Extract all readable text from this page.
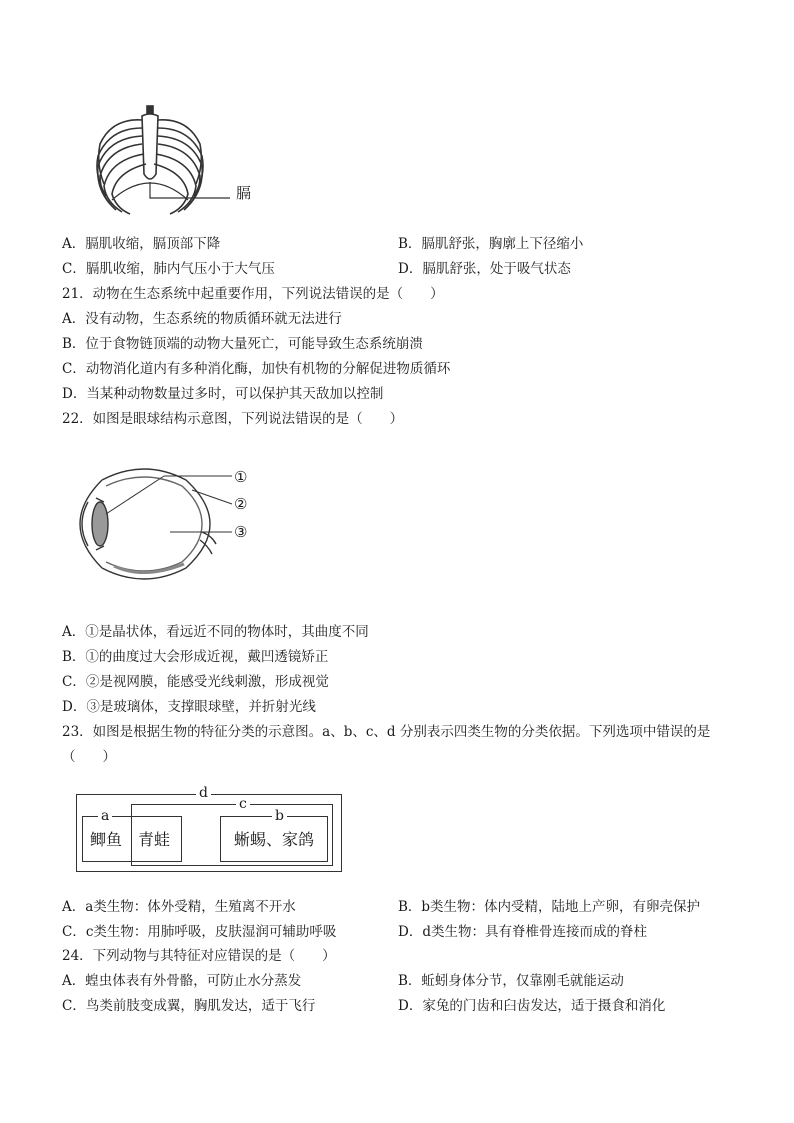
膈
A．膈肌收缩，膈顶部下降	B．膈肌舒张，胸廓上下径缩小
C．膈肌收缩，肺内气压小于大气压	D．膈肌舒张，处于吸气状态
21．动物在生态系统中起重要作用，下列说法错误的是（　　）
A．没有动物，生态系统的物质循环就无法进行
B．位于食物链顶端的动物大量死亡，可能导致生态系统崩溃
C．动物消化道内有多种消化酶，加快有机物的分解促进物质循环
D．当某种动物数量过多时，可以保护其天敌加以控制
22．如图是眼球结构示意图，下列说法错误的是（　　）
①
②
③
A．①是晶状体，看远近不同的物体时，其曲度不同
B．①的曲度过大会形成近视，戴凹透镜矫正
C．②是视网膜，能感受光线刺激，形成视觉
D．③是玻璃体，支撑眼球壁，并折射光线
23．如图是根据生物的特征分类的示意图。a、b、c、d 分别表示四类生物的分类依据。下列选项中错误的是
（　　）
d
c
a	b
鲫鱼 青蛙	蜥蜴、家鸽
A．a类生物：体外受精，生殖离不开水	B．b类生物：体内受精，陆地上产卵，有卵壳保护
C．c类生物：用肺呼吸，皮肤湿润可辅助呼吸	D．d类生物：具有脊椎骨连接而成的脊柱
24．下列动物与其特征对应错误的是（　　）
A．蝗虫体表有外骨骼，可防止水分蒸发	B．蚯蚓身体分节，仅靠刚毛就能运动
C．鸟类前肢变成翼，胸肌发达，适于飞行	D．家兔的门齿和臼齿发达，适于摄食和消化
